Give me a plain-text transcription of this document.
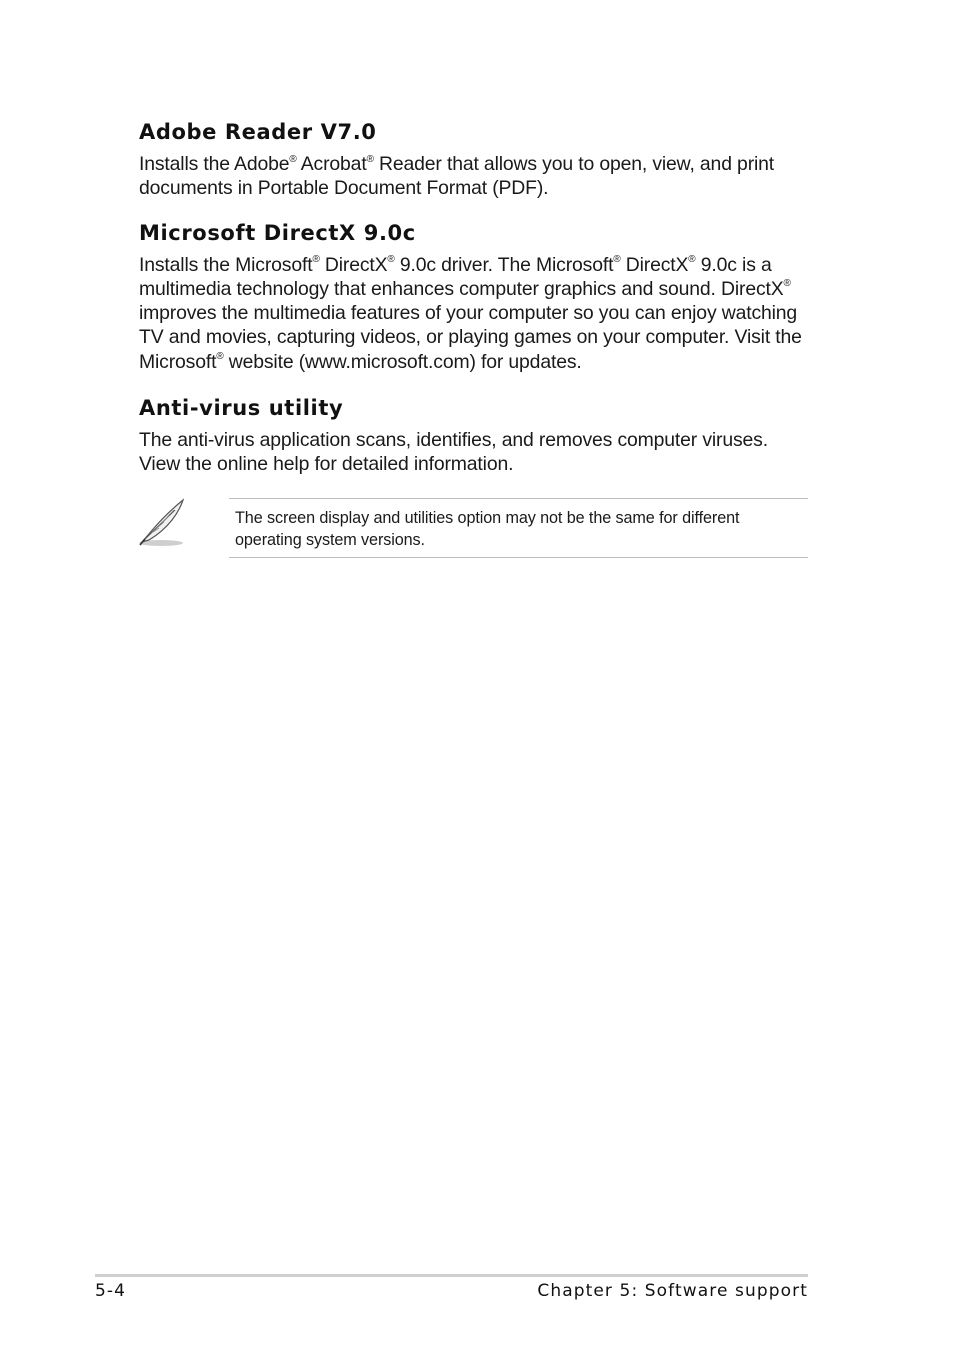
Adobe Reader V7.0

Installs the Adobe® Acrobat® Reader that allows you to open, view, and print documents in Portable Document Format (PDF).

Microsoft DirectX 9.0c

Installs the Microsoft® DirectX® 9.0c driver. The Microsoft® DirectX® 9.0c is a multimedia technology that enhances computer graphics and sound. DirectX® improves the multimedia features of your computer so you can enjoy watching TV and movies, capturing videos, or playing games on your computer. Visit the Microsoft® website (www.microsoft.com) for updates.

Anti-virus utility

The anti-virus application scans, identifies, and removes computer viruses. View the online help for detailed information.

The screen display and utilities option may not be the same for different operating system versions.

5-4	Chapter 5: Software support
